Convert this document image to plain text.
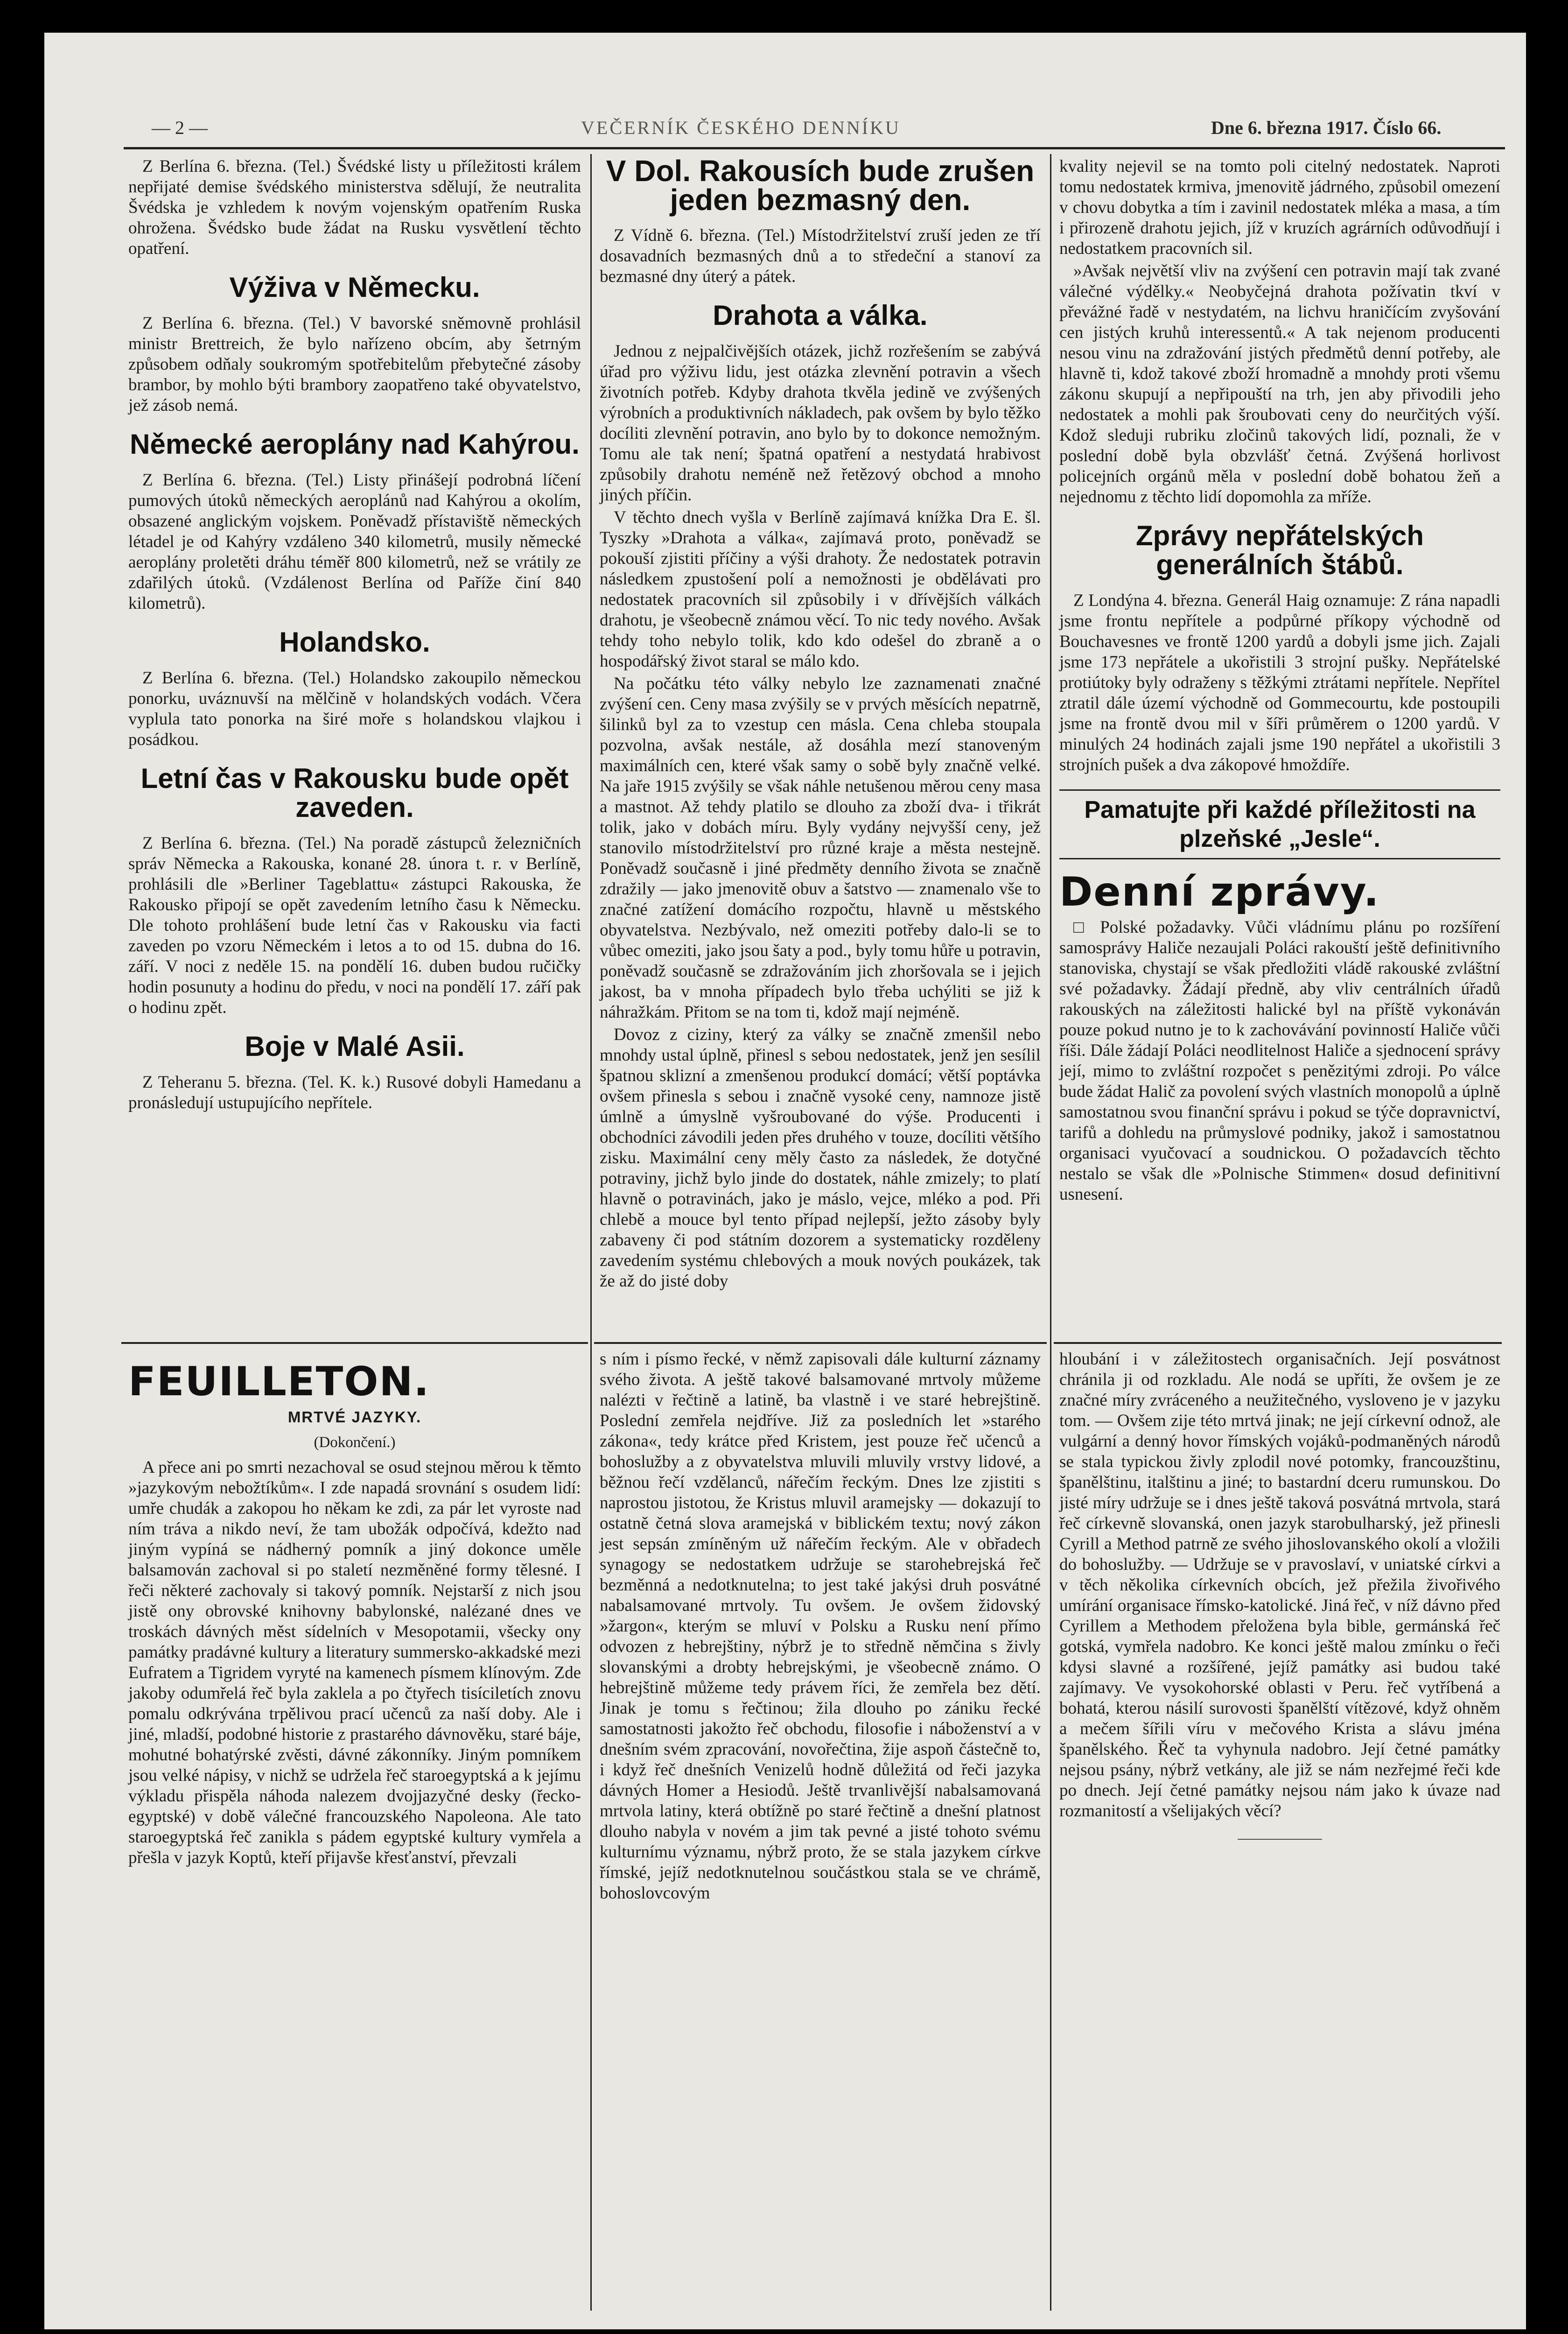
— 2 —	VEČERNÍK ČESKÉHO DENNÍKU	Dne 6. března 1917. Číslo 66.

Z Berlína 6. března. (Tel.) Švédské listy u příležitosti králem nepřijaté demise švédského ministerstva sdělují, že neutralita Švédska je vzhledem k novým vojenským opatřením Ruska ohrožena. Švédsko bude žádat na Rusku vysvětlení těchto opatření.

Výživa v Německu.

Z Berlína 6. března. (Tel.) V bavorské sněmovně prohlásil ministr Brettreich, že bylo nařízeno obcím, aby šetrným způsobem odňaly soukromým spotřebitelům přebytečné zásoby brambor, by mohlo býti brambory zaopatřeno také obyvatelstvo, jež zásob nemá.

Německé aeroplány nad Kahýrou.

Z Berlína 6. března. (Tel.) Listy přinášejí podrobná líčení pumových útoků německých aeroplánů nad Kahýrou a okolím, obsazené anglickým vojskem. Poněvadž přístaviště německých létadel je od Kahýry vzdáleno 340 kilometrů, musily německé aeroplány proletěti dráhu téměř 800 kilometrů, než se vrátily ze zdařilých útoků. (Vzdálenost Berlína od Paříže činí 840 kilometrů).

Holandsko.

Z Berlína 6. března. (Tel.) Holandsko zakoupilo německou ponorku, uváznuvší na mělčině v holandských vodách. Včera vyplula tato ponorka na širé moře s holandskou vlajkou i posádkou.

Letní čas v Rakousku bude opět zaveden.

Z Berlína 6. března. (Tel.) Na poradě zástupců železničních správ Německa a Rakouska, konané 28. února t. r. v Berlíně, prohlásili dle »Berliner Tageblattu« zástupci Rakouska, že Rakousko připojí se opět zavedením letního času k Německu. Dle tohoto prohlášení bude letní čas v Rakousku via facti zaveden po vzoru Německém i letos a to od 15. dubna do 16. září. V noci z neděle 15. na pondělí 16. duben budou ručičky hodin posunuty a hodinu do předu, v noci na pondělí 17. září pak o hodinu zpět.

Boje v Malé Asii.

Z Teheranu 5. března. (Tel. K. k.) Rusové dobyli Hamedanu a pronásledují ustupujícího nepřítele.

FEUILLETON.
MRTVÉ JAZYKY.
(Dokončení.)

A přece ani po smrti nezachoval se osud stejnou měrou k těmto »jazykovým nebožtíkům«. I zde napadá srovnání s osudem lidí: umře chudák a zakopou ho někam ke zdi, za pár let vyroste nad ním tráva a nikdo neví, že tam ubožák odpočívá, kdežto nad jiným vypíná se nádherný pomník a jiný dokonce uměle balsamován zachoval si po staletí nezměněné formy tělesné. I řeči některé zachovaly si takový pomník. Nejstarší z nich jsou jistě ony obrovské knihovny babylonské, nalézané dnes ve troskách dávných měst sídelních v Mesopotamii, všecky ony památky pradávné kultury a literatury summersko-akkadské mezi Eufratem a Tigridem vyryté na kamenech písmem klínovým. Zde jakoby odumřelá řeč byla zaklela a po čtyřech tisíciletích znovu pomalu odkrývána trpělivou prací učenců za naší doby. Ale i jiné, mladší, podobné historie z prastarého dávnověku, staré báje, mohutné bohatýrské zvěsti, dávné zákonníky. Jiným pomníkem jsou velké nápisy, v nichž se udržela řeč staroegyptská a k jejímu výkladu přispěla náhoda nalezem dvojjazyčné desky (řecko-egyptské) v době válečné francouzského Napoleona. Ale tato staroegyptská řeč zanikla s pádem egyptské kultury vymřela a přešla v jazyk Koptů, kteří přijavše křesťanství, převzali

V Dol. Rakousích bude zrušen jeden bezmasný den.

Z Vídně 6. března. (Tel.) Místodržitelství zruší jeden ze tří dosavadních bezmasných dnů a to středeční a stanoví za bezmasné dny úterý a pátek.

Drahota a válka.

Jednou z nejpalčivějších otázek, jichž rozřešením se zabývá úřad pro výživu lidu, jest otázka zlevnění potravin a všech životních potřeb. Kdyby drahota tkvěla jedině ve zvýšených výrobních a produktivních nákladech, pak ovšem by bylo těžko docíliti zlevnění potravin, ano bylo by to dokonce nemožným. Tomu ale tak není; špatná opatření a nestydatá hrabivost způsobily drahotu neméně než řetězový obchod a mnoho jiných příčin.

V těchto dnech vyšla v Berlíně zajímavá knížka Dra E. šl. Tyszky »Drahota a válka«, zajímavá proto, poněvadž se pokouší zjistiti příčiny a výši drahoty. Že nedostatek potravin následkem zpustošení polí a nemožnosti je obdělávati pro nedostatek pracovních sil způsobily i v dřívějších válkách drahotu, je všeobecně známou věcí. To nic tedy nového. Avšak tehdy toho nebylo tolik, kdo kdo odešel do zbraně a o hospodářský život staral se málo kdo.

Na počátku této války nebylo lze zaznamenati značné zvýšení cen. Ceny masa zvýšily se v prvých měsících nepatrně, šilinků byl za to vzestup cen másla. Cena chleba stoupala pozvolna, avšak nestále, až dosáhla mezí stanoveným maximálních cen, které však samy o sobě byly značně velké. Na jaře 1915 zvýšily se však náhle netušenou měrou ceny masa a mastnot. Až tehdy platilo se dlouho za zboží dva- i třikrát tolik, jako v dobách míru. Byly vydány nejvyšší ceny, jež stanovilo místodržitelství pro různé kraje a města nestejně. Poněvadž současně i jiné předměty denního života se značně zdražily — jako jmenovitě obuv a šatstvo — znamenalo vše to značné zatížení domácího rozpočtu, hlavně u městského obyvatelstva. Nezbývalo, než omeziti potřeby dalo-li se to vůbec omeziti, jako jsou šaty a pod., byly tomu hůře u potravin, poněvadž současně se zdražováním jich zhoršovala se i jejich jakost, ba v mnoha případech bylo třeba uchýliti se již k náhražkám. Přitom se na tom ti, kdož mají nejméně.

Dovoz z ciziny, který za války se značně zmenšil nebo mnohdy ustal úplně, přinesl s sebou nedostatek, jenž jen sesílil špatnou sklizní a zmenšenou produkcí domácí; větší poptávka ovšem přinesla s sebou i značně vysoké ceny, namnoze jistě úmlně a úmyslně vyšroubované do výše. Producenti i obchodníci závodili jeden přes druhého v touze, docíliti většího zisku. Maximální ceny měly často za následek, že dotyčné potraviny, jichž bylo jinde do dostatek, náhle zmizely; to platí hlavně o potravinách, jako je máslo, vejce, mléko a pod. Při chlebě a mouce byl tento případ nejlepší, ježto zásoby byly zabaveny či pod státním dozorem a systematicky rozděleny zavedením systému chlebových a mouk nových poukázek, tak že až do jisté doby

s ním i písmo řecké, v němž zapisovali dále kulturní záznamy svého života. A ještě takové balsamované mrtvoly můžeme nalézti v řečtině a latině, ba vlastně i ve staré hebrejštině. Poslední zemřela nejdříve. Již za posledních let »starého zákona«, tedy krátce před Kristem, jest pouze řeč učenců a bohoslužby a z obyvatelstva mluvili mluvily vrstvy lidové, a běžnou řečí vzdělanců, nářečím řeckým. Dnes lze zjistiti s naprostou jistotou, že Kristus mluvil aramejsky — dokazují to ostatně četná slova aramejská v biblickém textu; nový zákon jest sepsán zmíněným už nářečím řeckým. Ale v obřadech synagogy se nedostatkem udržuje se starohebrejská řeč bezměnná a nedotknutelna; to jest také jakýsi druh posvátné nabalsamované mrtvoly. Tu ovšem. Je ovšem židovský »žargon«, kterým se mluví v Polsku a Rusku není přímo odvozen z hebrejštiny, nýbrž je to středně němčina s živly slovanskými a drobty hebrejskými, je všeobecně známo. O hebrejštině můžeme tedy právem říci, že zemřela bez dětí. Jinak je tomu s řečtinou; žila dlouho po zániku řecké samostatnosti jakožto řeč obchodu, filosofie i náboženství a v dnešním svém zpracování, novořečtina, žije aspoň částečně to, i když řeč dnešních Venizelů hodně důležitá od řeči jazyka dávných Homer a Hesiodů. Ještě trvanlivější nabalsamovaná mrtvola latiny, která obtížně po staré řečtině a dnešní platnost dlouho nabyla v novém a jim tak pevné a jisté tohoto svému kulturnímu významu, nýbrž proto, že se stala jazykem církve římské, jejíž nedotknutelnou součástkou stala se ve chrámě, bohoslovcovým

kvality nejevil se na tomto poli citelný nedostatek. Naproti tomu nedostatek krmiva, jmenovitě jádrného, způsobil omezení v chovu dobytka a tím i zavinil nedostatek mléka a masa, a tím i přirozeně drahotu jejich, jíž v kruzích agrárních odůvodňují i nedostatkem pracovních sil.

»Avšak největší vliv na zvýšení cen potravin mají tak zvané válečné výdělky.« Neobyčejná drahota požívatin tkví v převážné řadě v nestydatém, na lichvu hraničícím zvyšování cen jistých kruhů interessentů.« A tak nejenom producenti nesou vinu na zdražování jistých předmětů denní potřeby, ale hlavně ti, kdož takové zboží hromadně a mnohdy proti všemu zákonu skupují a nepřipouští na trh, jen aby přivodili jeho nedostatek a mohli pak šroubovati ceny do neurčitých výší. Kdož sleduji rubriku zločinů takových lidí, poznali, že v poslední době byla obzvlášť četná. Zvýšená horlivost policejních orgánů měla v poslední době bohatou žeň a nejednomu z těchto lidí dopomohla za mříže.

Zprávy nepřátelských generálních štábů.

Z Londýna 4. března. Generál Haig oznamuje: Z rána napadli jsme frontu nepřítele a podpůrné příkopy východně od Bouchavesnes ve frontě 1200 yardů a dobyli jsme jich. Zajali jsme 173 nepřátele a ukořistili 3 strojní pušky. Nepřátelské protiútoky byly odraženy s těžkými ztrátami nepřítele. Nepřítel ztratil dále území východně od Gommecourtu, kde postoupili jsme na frontě dvou mil v šíři průměrem o 1200 yardů. V minulých 24 hodinách zajali jsme 190 nepřátel a ukořistili 3 strojních pušek a dva zákopové hmoždíře.

Pamatujte při každé příležitosti na plzeňské „Jesle“.
Denní zprávy.

□ Polské požadavky. Vůči vládnímu plánu po rozšíření samosprávy Haliče nezaujali Poláci rakouští ještě definitivního stanoviska, chystají se však předložiti vládě rakouské zvláštní své požadavky. Žádají předně, aby vliv centrálních úřadů rakouských na záležitosti halické byl na příště vykonáván pouze pokud nutno je to k zachovávání povinností Haliče vůči říši. Dále žádají Poláci neodlitelnost Haliče a sjednocení správy její, mimo to zvláštní rozpočet s penězitými zdroji. Po válce bude žádat Halič za povolení svých vlastních monopolů a úplně samostatnou svou finanční správu i pokud se týče dopravnictví, tarifů a dohledu na průmyslové podniky, jakož i samostatnou organisaci vyučovací a soudnickou. O požadavcích těchto nestalo se však dle »Polnische Stimmen« dosud definitivní usnesení.

hloubání i v záležitostech organisačních. Její posvátnost chránila ji od rozkladu. Ale nodá se upříti, že ovšem je ze značné míry zvráceného a neužitečného, vysloveno je v jazyku tom. — Ovšem zije této mrtvá jinak; ne její církevní odnož, ale vulgární a denný hovor římských vojáků-podmaněných národů se stala typickou živly zplodil nové potomky, francouzštinu, španělštinu, italštinu a jiné; to bastardní dceru rumunskou. Do jisté míry udržuje se i dnes ještě taková posvátná mrtvola, stará řeč církevně slovanská, onen jazyk starobulharský, jež přinesli Cyrill a Method patrně ze svého jihoslovanského okolí a vložili do bohoslužby. — Udržuje se v pravoslaví, v uniatské církvi a v těch několika církevních obcích, jež přežila živořivého umírání organisace římsko-katolické. Jiná řeč, v níž dávno před Cyrillem a Methodem přeložena byla bible, germánská řeč gotská, vymřela nadobro. Ke konci ještě malou zmínku o řeči kdysi slavné a rozšířené, jejíž památky asi budou také zajímavy. Ve vysokohorské oblasti v Peru. řeč vytříbená a bohatá, kterou násilí surovosti španělští vítězové, když ohněm a mečem šířili víru v mečového Krista a slávu jména španělského. Řeč ta vyhynula nadobro. Její četné památky nejsou psány, nýbrž vetkány, ale již se nám nezřejmé řeči kde po dnech. Její četné památky nejsou nám jako k úvaze nad rozmanitostí a všelijakých věcí?

——————
